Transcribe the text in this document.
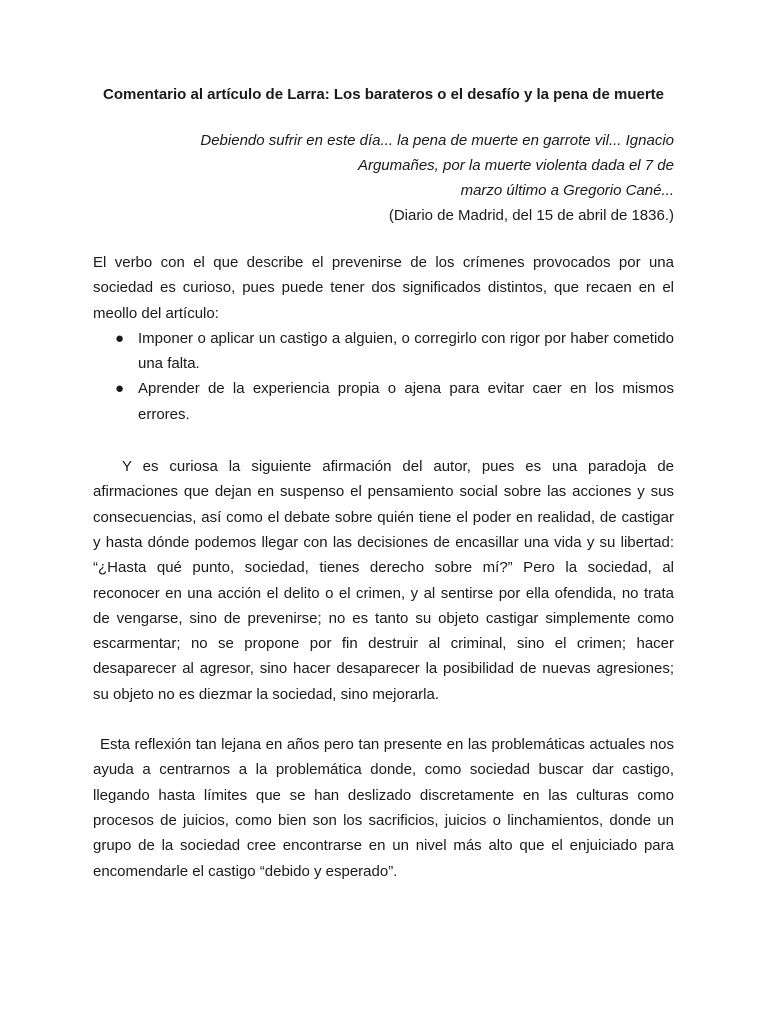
Comentario al artículo de Larra: Los barateros o el desafío y la pena de muerte
Debiendo sufrir en este día... la pena de muerte en garrote vil... Ignacio
Argumañes, por la muerte violenta dada el 7 de
marzo último a Gregorio Cané...
(Diario de Madrid, del 15 de abril de 1836.)

El verbo con el que describe el prevenirse de los crímenes provocados por una sociedad es curioso, pues puede tener dos significados distintos, que recaen en el meollo del artículo:

● Imponer o aplicar un castigo a alguien, o corregirlo con rigor por haber cometido una falta.
● Aprender de la experiencia propia o ajena para evitar caer en los mismos errores.

Y es curiosa la siguiente afirmación del autor, pues es una paradoja de afirmaciones que dejan en suspenso el pensamiento social sobre las acciones y sus consecuencias, así como el debate sobre quién tiene el poder en realidad, de castigar y hasta dónde podemos llegar con las decisiones de encasillar una vida y su libertad: “¿Hasta qué punto, sociedad, tienes derecho sobre mí?” Pero la sociedad, al reconocer en una acción el delito o el crimen, y al sentirse por ella ofendida, no trata de vengarse, sino de prevenirse; no es tanto su objeto castigar simplemente como escarmentar; no se propone por fin destruir al criminal, sino el crimen; hacer desaparecer al agresor, sino hacer desaparecer la posibilidad de nuevas agresiones; su objeto no es diezmar la sociedad, sino mejorarla.

Esta reflexión tan lejana en años pero tan presente en las problemáticas actuales nos ayuda a centrarnos a la problemática donde, como sociedad buscar dar castigo, llegando hasta límites que se han deslizado discretamente en las culturas como procesos de juicios, como bien son los sacrificios, juicios o linchamientos, donde un grupo de la sociedad cree encontrarse en un nivel más alto que el enjuiciado para encomendarle el castigo “debido y esperado”.
